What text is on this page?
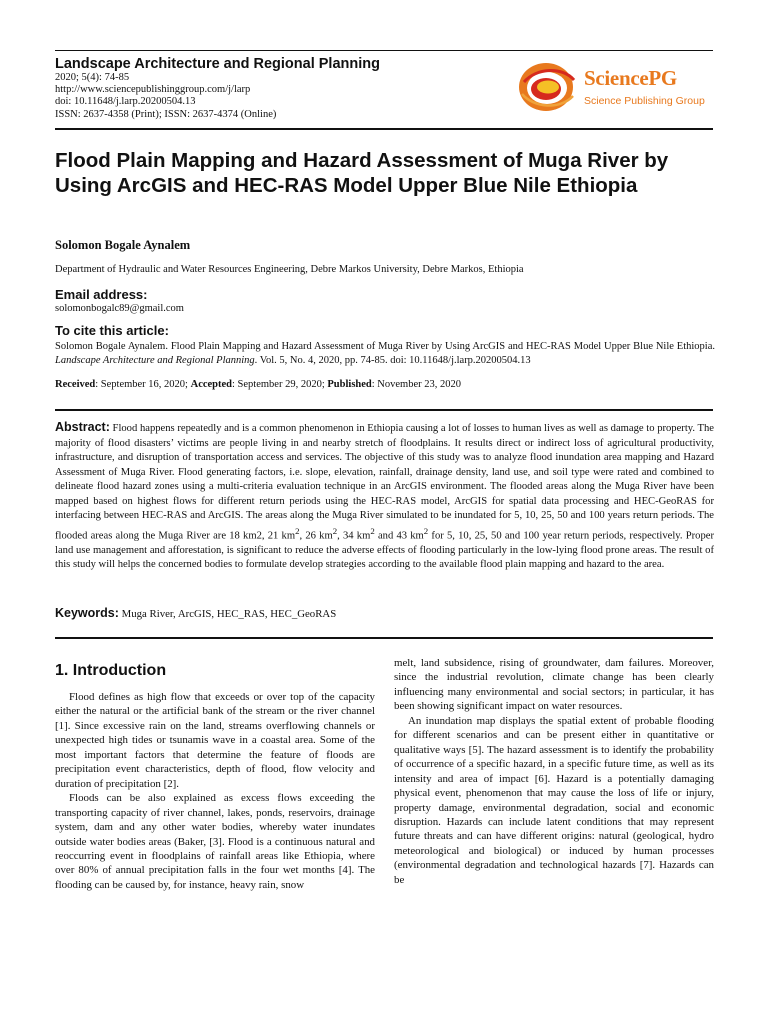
Landscape Architecture and Regional Planning
2020; 5(4): 74-85
http://www.sciencepublishinggroup.com/j/larp
doi: 10.11648/j.larp.20200504.13
ISSN: 2637-4358 (Print); ISSN: 2637-4374 (Online)
SciencePG
Science Publishing Group
Flood Plain Mapping and Hazard Assessment of Muga River by Using ArcGIS and HEC-RAS Model Upper Blue Nile Ethiopia
Solomon Bogale Aynalem
Department of Hydraulic and Water Resources Engineering, Debre Markos University, Debre Markos, Ethiopia
Email address:
solomonbogalc89@gmail.com
To cite this article:
Solomon Bogale Aynalem. Flood Plain Mapping and Hazard Assessment of Muga River by Using ArcGIS and HEC-RAS Model Upper Blue Nile Ethiopia. Landscape Architecture and Regional Planning. Vol. 5, No. 4, 2020, pp. 74-85. doi: 10.11648/j.larp.20200504.13
Received: September 16, 2020; Accepted: September 29, 2020; Published: November 23, 2020

Abstract: Flood happens repeatedly and is a common phenomenon in Ethiopia causing a lot of losses to human lives as well as damage to property. The majority of flood disasters’ victims are people living in and nearby stretch of floodplains. It results direct or indirect loss of agricultural productivity, infrastructure, and disruption of transportation access and services. The objective of this study was to analyze flood inundation area mapping and Hazard Assessment of Muga River. Flood generating factors, i.e. slope, elevation, rainfall, drainage density, land use, and soil type were rated and combined to delineate flood hazard zones using a multi-criteria evaluation technique in an ArcGIS environment. The flooded areas along the Muga River have been mapped based on highest flows for different return periods using the HEC-RAS model, ArcGIS for spatial data processing and HEC-GeoRAS for interfacing between HEC-RAS and ArcGIS. The areas along the Muga River simulated to be inundated for 5, 10, 25, 50 and 100 years return periods. The flooded areas along the Muga River are 18 km2, 21 $km^2$, 26 $km^2$, 34 $km^2$ and 43 $km^2$ for 5, 10, 25, 50 and 100 year return periods, respectively. Proper land use management and afforestation, is significant to reduce the adverse effects of flooding particularly in the low-lying flood prone areas. The result of this study will helps the concerned bodies to formulate develop strategies according to the available flood plain mapping and hazard to the area.

Keywords: Muga River, ArcGIS, HEC_RAS, HEC_GeoRAS
1. Introduction

Flood defines as high flow that exceeds or over top of the capacity either the natural or the artificial bank of the stream or the river channel [1]. Since excessive rain on the land, streams overflowing channels or unexpected high tides or tsunamis wave in a coastal area. Some of the most important factors that determine the feature of floods are precipitation event characteristics, depth of flood, flow velocity and duration of precipitation [2].

Floods can be also explained as excess flows exceeding the transporting capacity of river channel, lakes, ponds, reservoirs, drainage system, dam and any other water bodies, whereby water inundates outside water bodies areas (Baker, [3]. Flood is a continuous natural and reoccurring event in floodplains of rainfall areas like Ethiopia, where over 80% of annual precipitation falls in the four wet months [4]. The flooding can be caused by, for instance, heavy rain, snow

melt, land subsidence, rising of groundwater, dam failures. Moreover, since the industrial revolution, climate change has been clearly influencing many environmental and social sectors; in particular, it has been showing significant impact on water resources.

An inundation map displays the spatial extent of probable flooding for different scenarios and can be present either in quantitative or qualitative ways [5]. The hazard assessment is to identify the probability of occurrence of a specific hazard, in a specific future time, as well as its intensity and area of impact [6]. Hazard is a potentially damaging physical event, phenomenon that may cause the loss of life or injury, property damage, environmental degradation, social and economic disruption. Hazards can include latent conditions that may represent future threats and can have different origins: natural (geological, hydro meteorological and biological) or induced by human processes (environmental degradation and technological hazards [7]. Hazards can be
